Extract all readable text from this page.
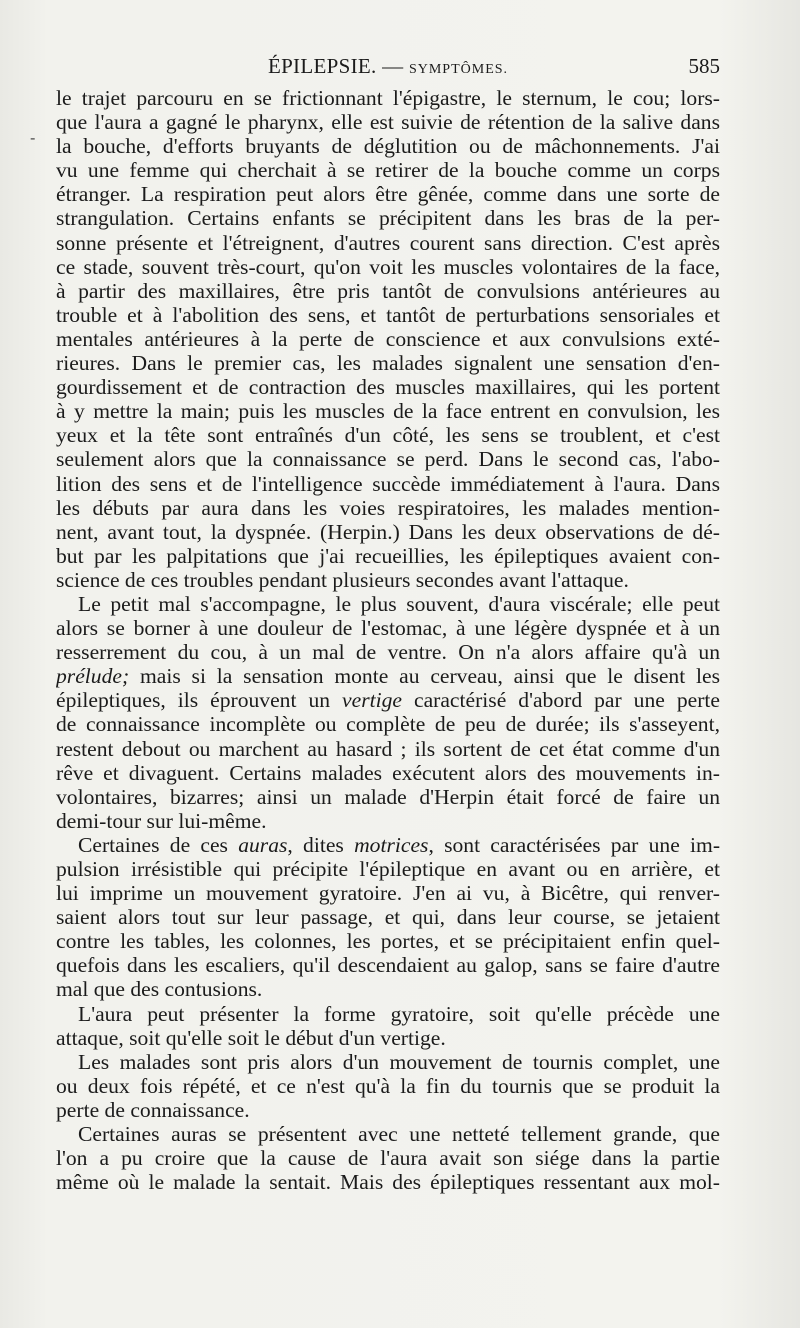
ÉPILEPSIE. — SYMPTÔMES.	585
-
le trajet parcouru en se frictionnant l'épigastre, le sternum, le cou; lors-
que l'aura a gagné le pharynx, elle est suivie de rétention de la salive dans
la bouche, d'efforts bruyants de déglutition ou de mâchonnements. J'ai
vu une femme qui cherchait à se retirer de la bouche comme un corps
étranger. La respiration peut alors être gênée, comme dans une sorte de
strangulation. Certains enfants se précipitent dans les bras de la per-
sonne présente et l'étreignent, d'autres courent sans direction. C'est après
ce stade, souvent très-court, qu'on voit les muscles volontaires de la face,
à partir des maxillaires, être pris tantôt de convulsions antérieures au
trouble et à l'abolition des sens, et tantôt de perturbations sensoriales et
mentales antérieures à la perte de conscience et aux convulsions exté-
rieures. Dans le premier cas, les malades signalent une sensation d'en-
gourdissement et de contraction des muscles maxillaires, qui les portent
à y mettre la main; puis les muscles de la face entrent en convulsion, les
yeux et la tête sont entraînés d'un côté, les sens se troublent, et c'est
seulement alors que la connaissance se perd. Dans le second cas, l'abo-
lition des sens et de l'intelligence succède immédiatement à l'aura. Dans
les débuts par aura dans les voies respiratoires, les malades mention-
nent, avant tout, la dyspnée. (Herpin.) Dans les deux observations de dé-
but par les palpitations que j'ai recueillies, les épileptiques avaient con-
science de ces troubles pendant plusieurs secondes avant l'attaque.
Le petit mal s'accompagne, le plus souvent, d'aura viscérale; elle peut
alors se borner à une douleur de l'estomac, à une légère dyspnée et à un
resserrement du cou, à un mal de ventre. On n'a alors affaire qu'à un
prélude; mais si la sensation monte au cerveau, ainsi que le disent les
épileptiques, ils éprouvent un vertige caractérisé d'abord par une perte
de connaissance incomplète ou complète de peu de durée; ils s'asseyent,
restent debout ou marchent au hasard ; ils sortent de cet état comme d'un
rêve et divaguent. Certains malades exécutent alors des mouvements in-
volontaires, bizarres; ainsi un malade d'Herpin était forcé de faire un
demi-tour sur lui-même.
Certaines de ces auras, dites motrices, sont caractérisées par une im-
pulsion irrésistible qui précipite l'épileptique en avant ou en arrière, et
lui imprime un mouvement gyratoire. J'en ai vu, à Bicêtre, qui renver-
saient alors tout sur leur passage, et qui, dans leur course, se jetaient
contre les tables, les colonnes, les portes, et se précipitaient enfin quel-
quefois dans les escaliers, qu'il descendaient au galop, sans se faire d'autre
mal que des contusions.
L'aura peut présenter la forme gyratoire, soit qu'elle précède une
attaque, soit qu'elle soit le début d'un vertige.
Les malades sont pris alors d'un mouvement de tournis complet, une
ou deux fois répété, et ce n'est qu'à la fin du tournis que se produit la
perte de connaissance.
Certaines auras se présentent avec une netteté tellement grande, que
l'on a pu croire que la cause de l'aura avait son siége dans la partie
même où le malade la sentait. Mais des épileptiques ressentant aux mol-
